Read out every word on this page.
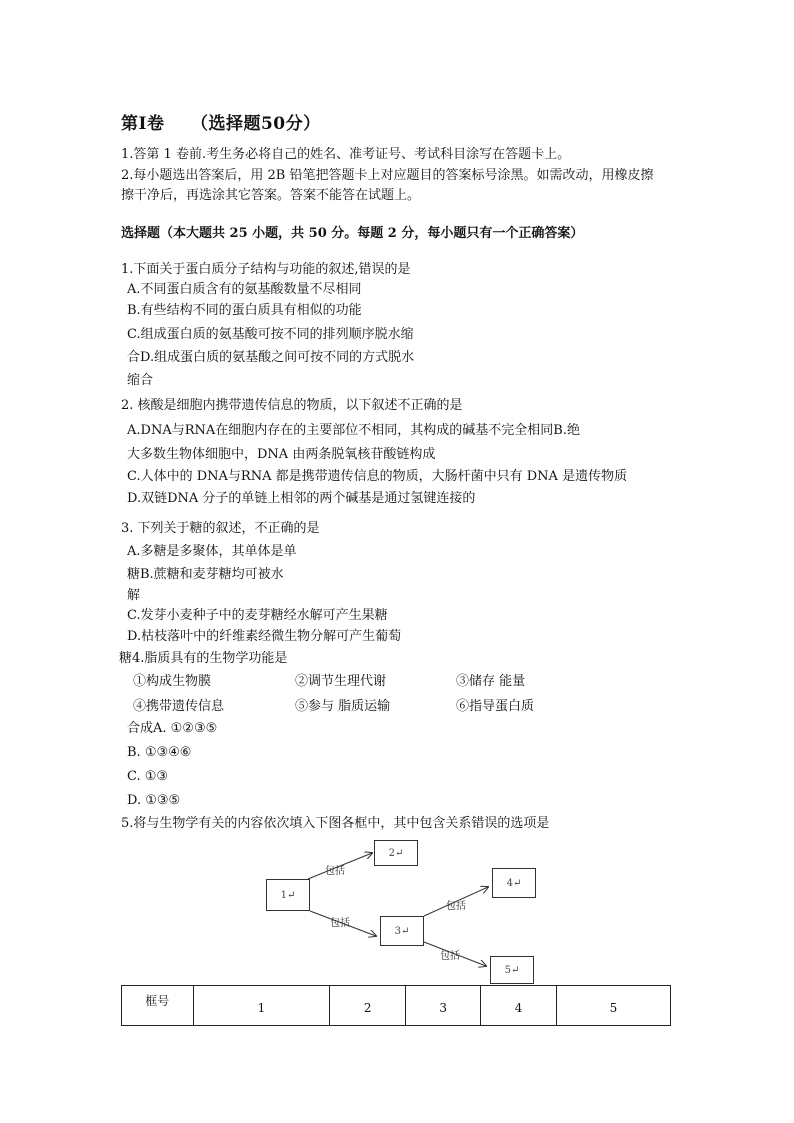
第Ⅰ卷　　（选择题50分）
1.答第 1 卷前.考生务必将自己的姓名、准考证号、考试科目涂写在答题卡上。
2.每小题选出答案后，用 2B 铅笔把答题卡上对应题目的答案标号涂黑。如需改动，用橡皮擦
擦干净后，再选涂其它答案。答案不能答在试题上。
选择题（本大题共 25 小题，共 50 分。每题 2 分，每小题只有一个正确答案）
1.下面关于蛋白质分子结构与功能的叙述,错误的是
A.不同蛋白质含有的氨基酸数量不尽相同
B.有些结构不同的蛋白质具有相似的功能
C.组成蛋白质的氨基酸可按不同的排列顺序脱水缩
合D.组成蛋白质的氨基酸之间可按不同的方式脱水
缩合
2. 核酸是细胞内携带遗传信息的物质，以下叙述不正确的是
A.DNA与RNA在细胞内存在的主要部位不相同，其构成的碱基不完全相同B.绝
大多数生物体细胞中，DNA 由两条脱氧核苷酸链构成
C.人体中的 DNA与RNA 都是携带遗传信息的物质，大肠杆菌中只有 DNA 是遗传物质
D.双链DNA 分子的单链上相邻的两个碱基是通过氢键连接的
3. 下列关于糖的叙述，不正确的是
A.多糖是多聚体，其单体是单
糖B.蔗糖和麦芽糖均可被水
解
C.发芽小麦种子中的麦芽糖经水解可产生果糖
D.枯枝落叶中的纤维素经微生物分解可产生葡萄
糖4.脂质具有的生物学功能是
①构成生物膜	②调节生理代谢	③储存 能量
④携带遗传信息	⑤参与 脂质运输	⑥指导蛋白质
合成A. ①②③⑤
B. ①③④⑥
C. ①③
D. ①③⑤
5.将与生物学有关的内容依次填入下图各框中，其中包含关系错误的选项是
2↵
1↵
3↵
4↵
5↵
包括
包括
包括
包括
框号	1	2	3	4	5
